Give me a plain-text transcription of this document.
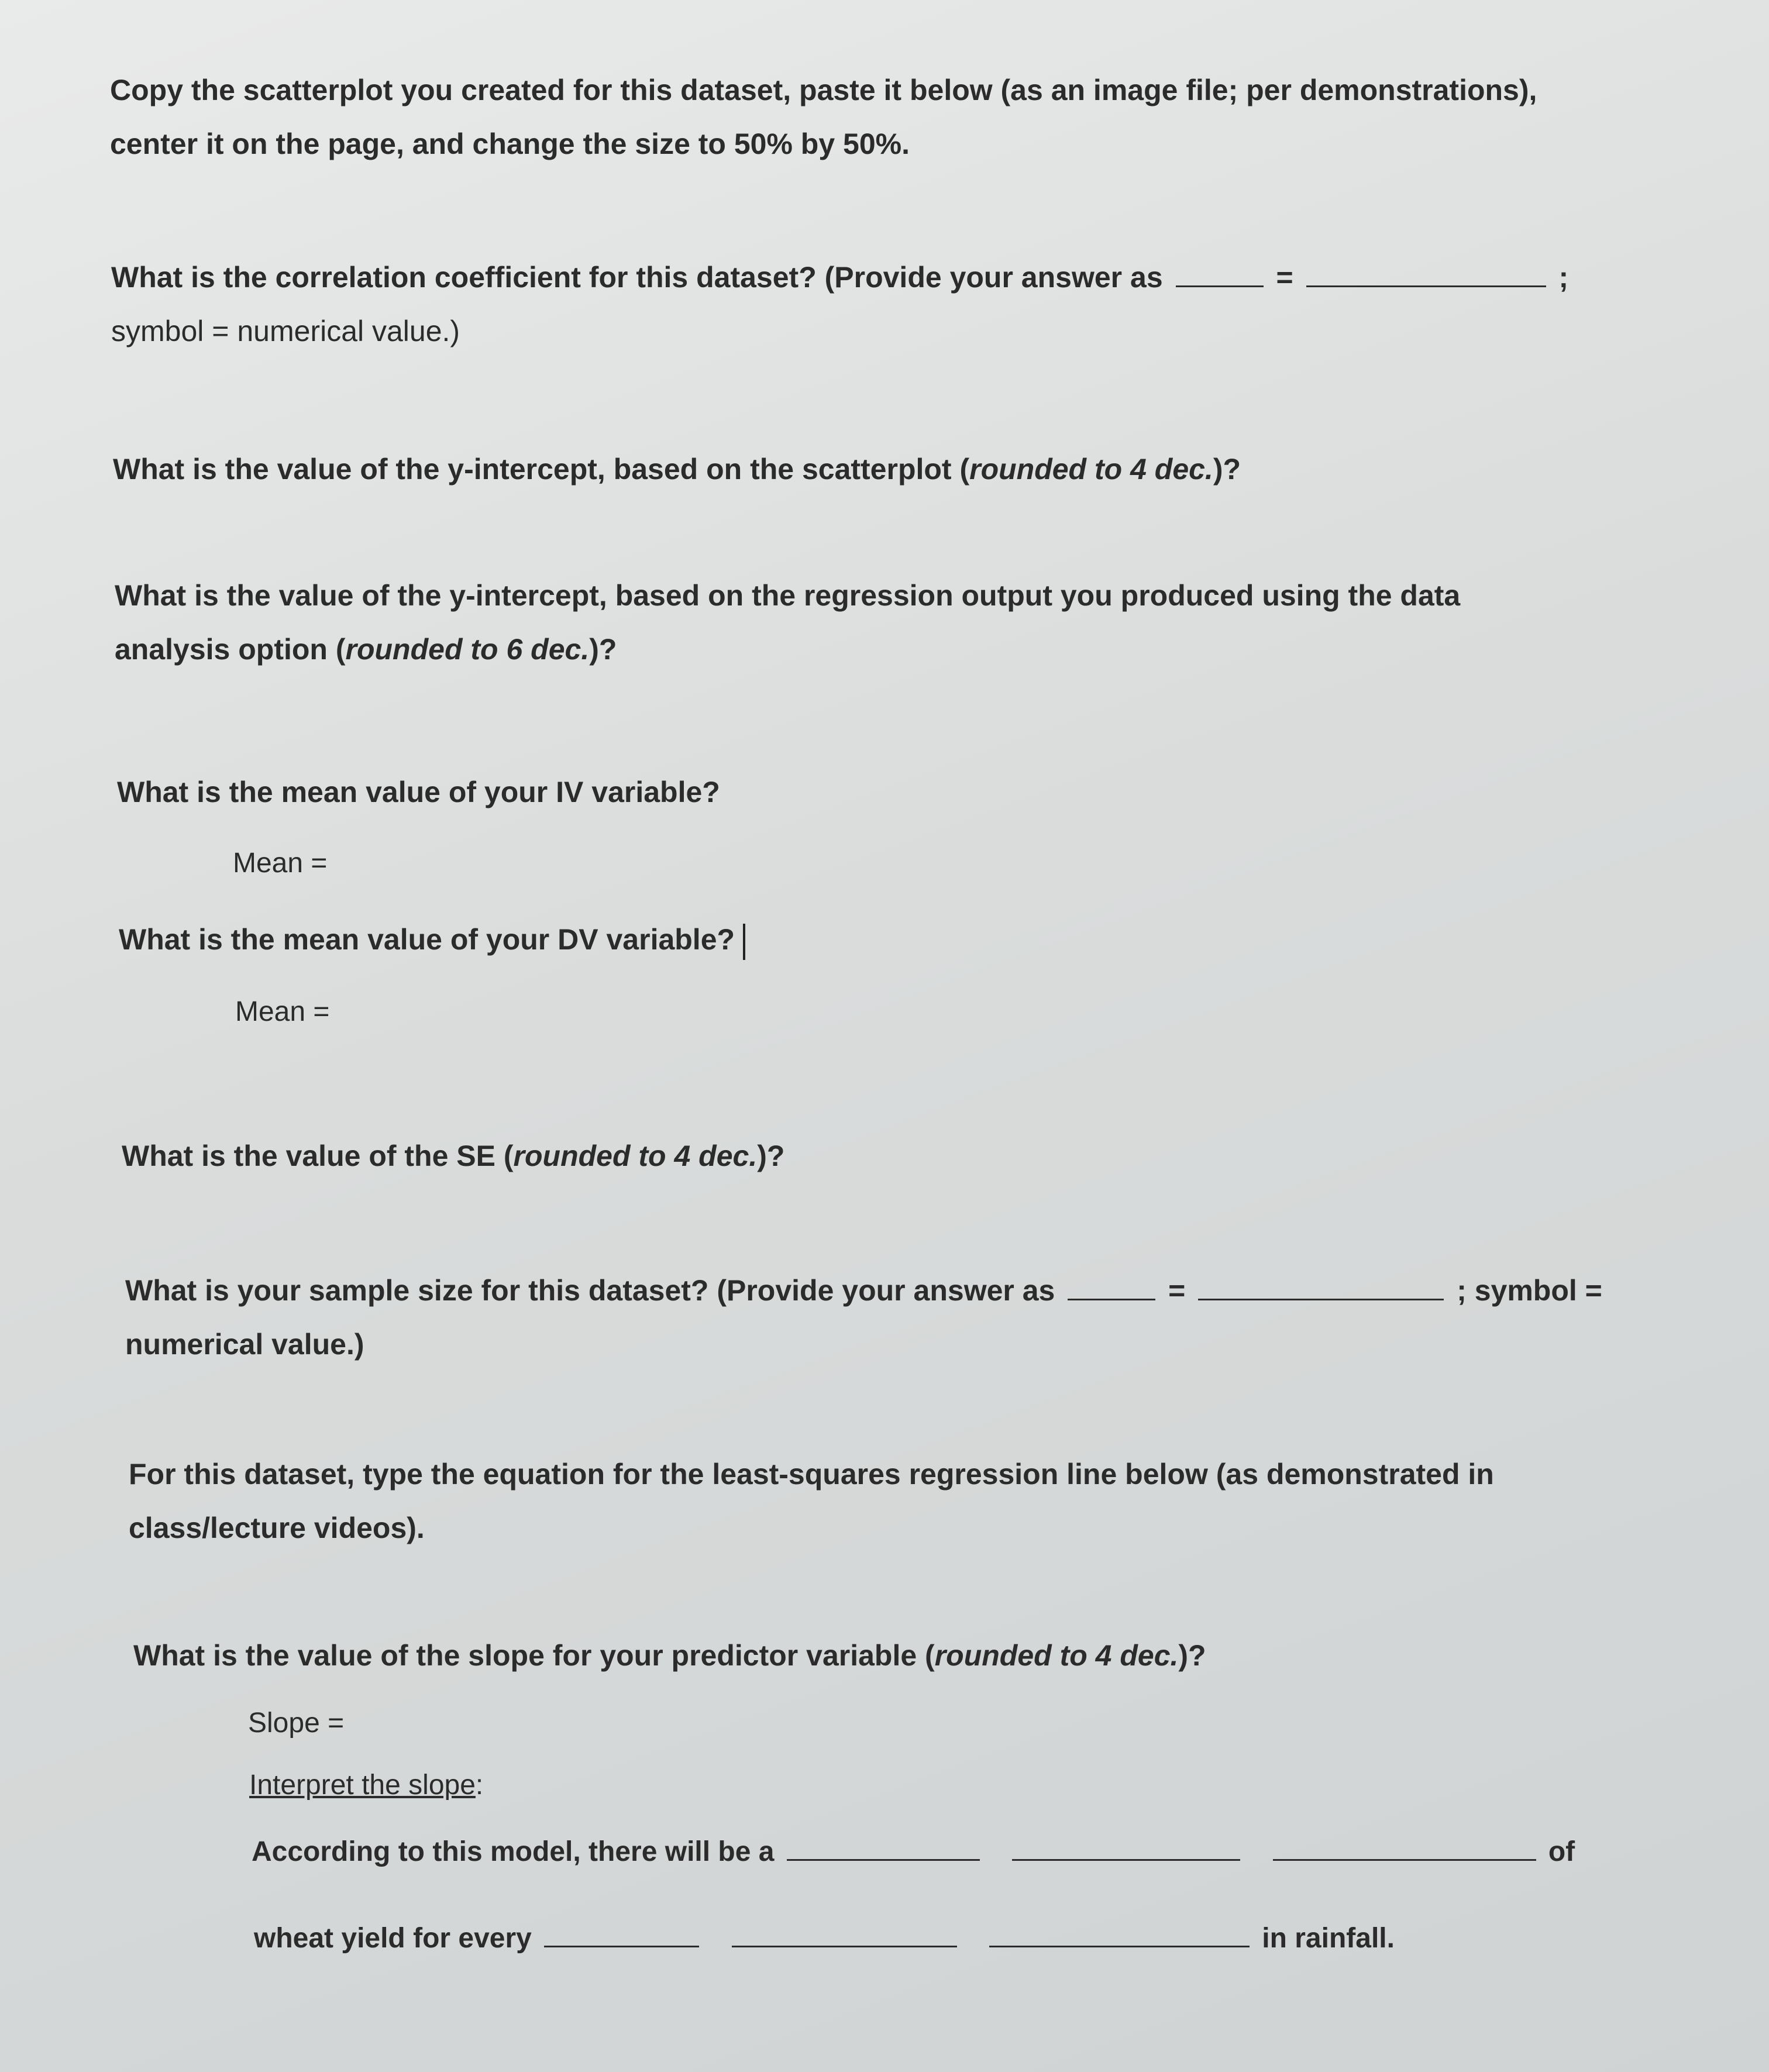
Copy the scatterplot you created for this dataset, paste it below (as an image file; per demonstrations),
center it on the page, and change the size to 50% by 50%.
What is the correlation coefficient for this dataset? (Provide your answer as	=	;
symbol = numerical value.)
What is the value of the y-intercept, based on the scatterplot (rounded to 4 dec.)?
What is the value of the y-intercept, based on the regression output you produced using the data
analysis option (rounded to 6 dec.)?
What is the mean value of your IV variable?
Mean =
What is the mean value of your DV variable?
Mean =
What is the value of the SE (rounded to 4 dec.)?
What is your sample size for this dataset? (Provide your answer as	=	; symbol =
numerical value.)
For this dataset, type the equation for the least-squares regression line below (as demonstrated in
class/lecture videos).
What is the value of the slope for your predictor variable (rounded to 4 dec.)?
Slope =
Interpret the slope:
According to this model, there will be a	of
wheat yield for every	in rainfall.
